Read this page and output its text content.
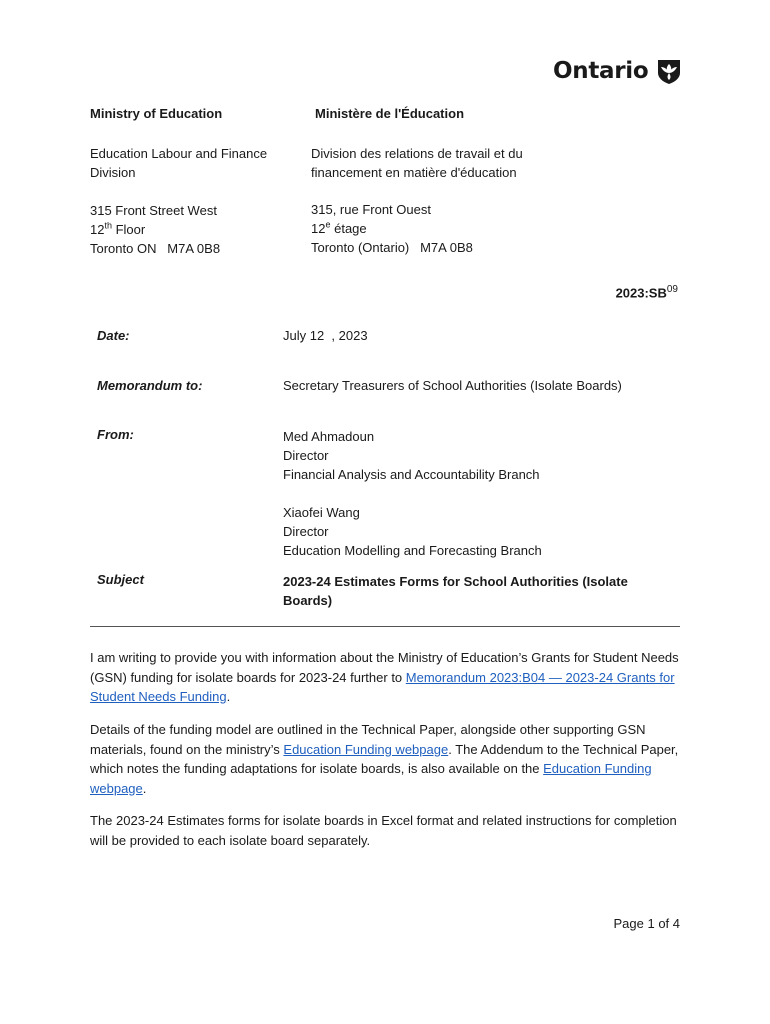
Ontario
Ministry of Education
Education Labour and Finance
Division
315 Front Street West
12th Floor
Toronto ON   M7A 0B8
Ministère de l'Éducation
Division des relations de travail et du
financement en matière d'éducation
315, rue Front Ouest
12e étage
Toronto (Ontario)   M7A 0B8
2023:SB$^{09}$
Date:	July 12  , 2023
Memorandum to:	Secretary Treasurers of School Authorities (Isolate Boards)
From:	Med Ahmadoun
Director
Financial Analysis and Accountability Branch
Xiaofei Wang
Director
Education Modelling and Forecasting Branch
Subject	2023-24 Estimates Forms for School Authorities (Isolate
Boards)
I am writing to provide you with information about the Ministry of Education’s Grants for Student Needs (GSN) funding for isolate boards for 2023-24 further to Memorandum 2023:B04 — 2023-24 Grants for Student Needs Funding.
Details of the funding model are outlined in the Technical Paper, alongside other supporting GSN materials, found on the ministry’s Education Funding webpage. The Addendum to the Technical Paper, which notes the funding adaptations for isolate boards, is also available on the Education Funding webpage.
The 2023-24 Estimates forms for isolate boards in Excel format and related instructions for completion will be provided to each isolate board separately.
Page 1 of 4
